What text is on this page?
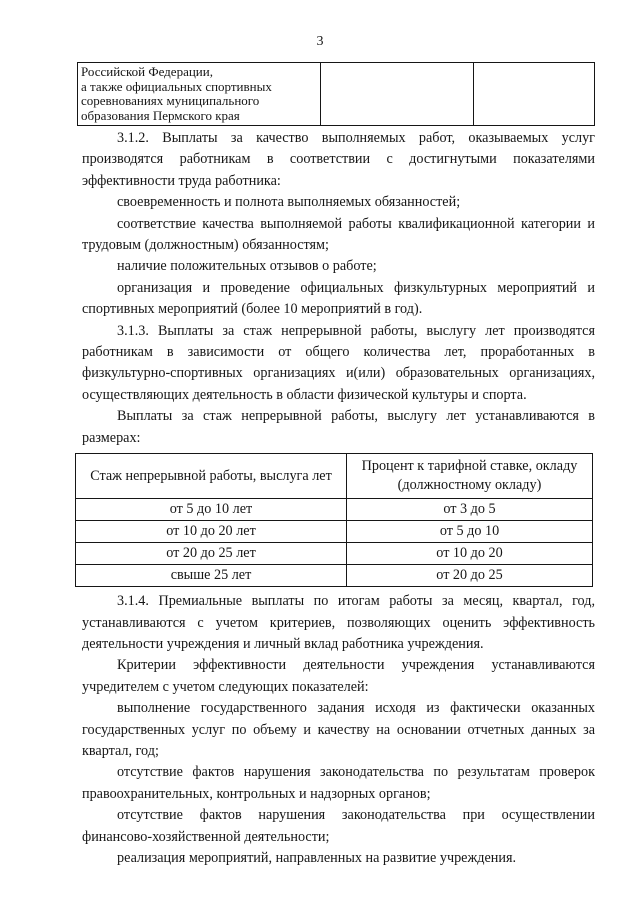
3
Российской Федерации,
а также официальных спортивных
соревнованиях муниципального
образования Пермского края		

3.1.2. Выплаты за качество выполняемых работ, оказываемых услуг производятся работникам в соответствии с достигнутыми показателями эффективности труда работника:

своевременность и полнота выполняемых обязанностей;

соответствие качества выполняемой работы квалификационной категории и трудовым (должностным) обязанностям;

наличие положительных отзывов о работе;

организация и проведение официальных физкультурных мероприятий и спортивных мероприятий (более 10 мероприятий в год).

3.1.3. Выплаты за стаж непрерывной работы, выслугу лет производятся работникам в зависимости от общего количества лет, проработанных в физкультурно-спортивных организациях и(или) образовательных организациях, осуществляющих деятельность в области физической культуры и спорта.

Выплаты за стаж непрерывной работы, выслугу лет устанавливаются в размерах:

Стаж непрерывной работы, выслуга лет	Процент к тарифной ставке, окладу (должностному окладу)
от 5 до 10 лет	от 3 до 5
от 10 до 20 лет	от 5 до 10
от 20 до 25 лет	от 10 до 20
свыше 25 лет	от 20 до 25

3.1.4. Премиальные выплаты по итогам работы за месяц, квартал, год, устанавливаются с учетом критериев, позволяющих оценить эффективность деятельности учреждения и личный вклад работника учреждения.

Критерии эффективности деятельности учреждения устанавливаются учредителем с учетом следующих показателей:

выполнение государственного задания исходя из фактически оказанных государственных услуг по объему и качеству на основании отчетных данных за квартал, год;

отсутствие фактов нарушения законодательства по результатам проверок правоохранительных, контрольных и надзорных органов;

отсутствие фактов нарушения законодательства при осуществлении финансово-хозяйственной деятельности;

реализация мероприятий, направленных на развитие учреждения.
